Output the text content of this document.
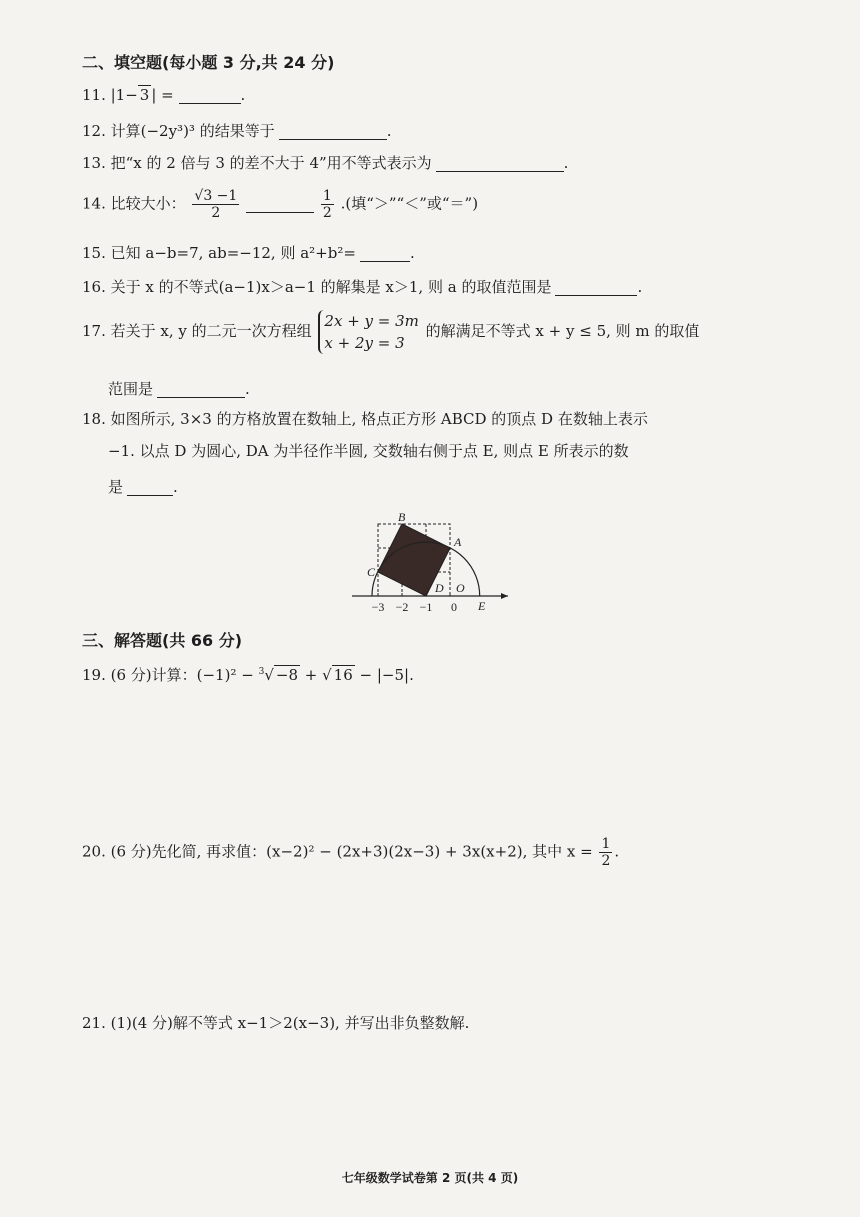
二、填空题(每小题 3 分,共 24 分)
11. |1− 3 | =	.
12. 计算(−2y³)³ 的结果等于	.
13. 把“x 的 2 倍与 3 的差不大于 4”用不等式表示为	.
14. 比较大小： $\frac{√3 -1}{2}$
	$\frac{1}{2}$ .(填“＞”“＜”或“＝”)
15. 已知 a−b=7, ab=−12, 则 a²+b²=	.
16. 关于 x 的不等式(a−1)x＞a−1 的解集是 x＞1, 则 a 的取值范围是	.
17. 若关于 x, y 的二元一次方程组
2x + y = 3m
x + 2y = 3
的解满足不等式 x + y ≤ 5, 则 m 的取值
范围是	.
18. 如图所示, 3×3 的方格放置在数轴上, 格点正方形 ABCD 的顶点 D 在数轴上表示
−1. 以点 D 为圆心, DA 为半径作半圆, 交数轴右侧于点 E, 则点 E 所表示的数
是	.
B
A
C
D O
E
−3 −2 −1 0
三、解答题(共 66 分)
19. (6 分)计算：(−1)² − $^3$√ −8 + √ 16 − |−5|.
20. (6 分)先化简, 再求值：(x−2)² − (2x+3)(2x−3) + 3x(x+2), 其中 $x = \frac{1}{2}$ .
21. (1)(4 分)解不等式 x−1＞2(x−3), 并写出非负整数解.
七年级数学试卷第 2 页(共 4 页)
